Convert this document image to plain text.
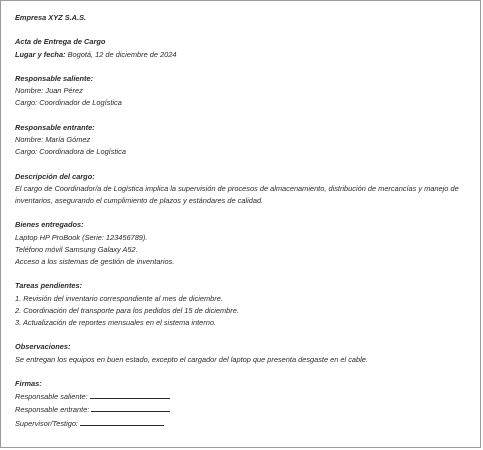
Empresa XYZ S.A.S.
Acta de Entrega de Cargo
Lugar y fecha: Bogotá, 12 de diciembre de 2024
Responsable saliente:
Nombre: Juan Pérez
Cargo: Coordinador de Logística
Responsable entrante:
Nombre: María Gómez
Cargo: Coordinadora de Logística
Descripción del cargo:
El cargo de Coordinador/a de Logística implica la supervisión de procesos de almacenamiento, distribución de mercancías y manejo de inventarios, asegurando el cumplimiento de plazos y estándares de calidad.
Bienes entregados:
Laptop HP ProBook (Serie: 123456789).
Teléfono móvil Samsung Galaxy A52.
Acceso a los sistemas de gestión de inventarios.
Tareas pendientes:
1. Revisión del inventario correspondiente al mes de diciembre.
2. Coordinación del transporte para los pedidos del 15 de diciembre.
3. Actualización de reportes mensuales en el sistema interno.
Observaciones:
Se entregan los equipos en buen estado, excepto el cargador del laptop que presenta desgaste en el cable.
Firmas:
Responsable saliente:
Responsable entrante:
Supervisor/Testigo:
